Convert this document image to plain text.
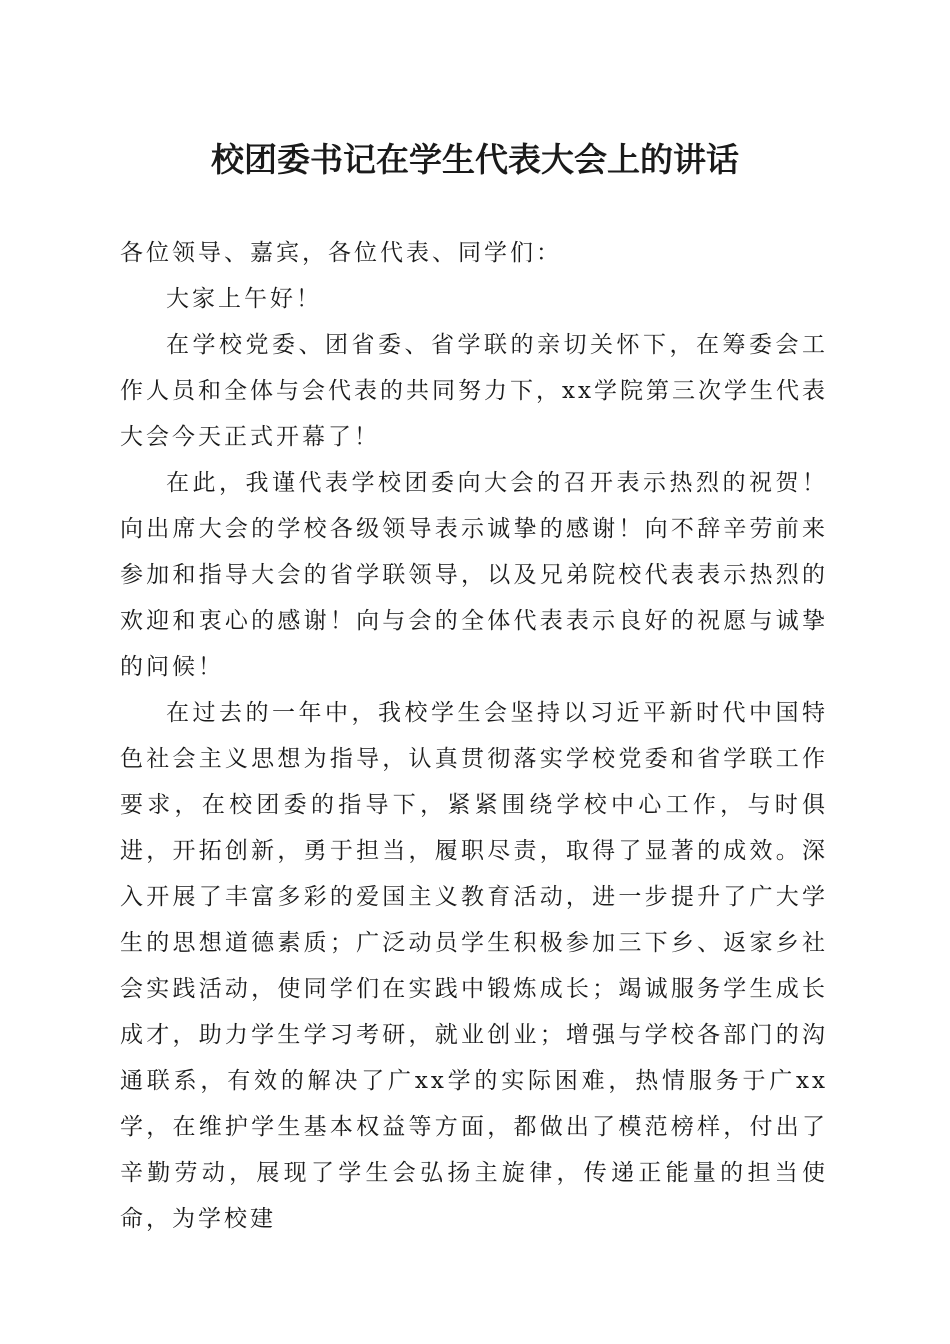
校团委书记在学生代表大会上的讲话

各位领导、嘉宾，各位代表、同学们：

大家上午好！

在学校党委、团省委、省学联的亲切关怀下，在筹委会工作人员和全体与会代表的共同努力下，xx学院第三次学生代表大会今天正式开幕了！

在此，我谨代表学校团委向大会的召开表示热烈的祝贺！向出席大会的学校各级领导表示诚挚的感谢！向不辞辛劳前来参加和指导大会的省学联领导，以及兄弟院校代表表示热烈的欢迎和衷心的感谢！向与会的全体代表表示良好的祝愿与诚挚的问候！

在过去的一年中，我校学生会坚持以习近平新时代中国特色社会主义思想为指导，认真贯彻落实学校党委和省学联工作要求，在校团委的指导下，紧紧围绕学校中心工作，与时俱进，开拓创新，勇于担当，履职尽责，取得了显著的成效。深入开展了丰富多彩的爱国主义教育活动，进一步提升了广大学生的思想道德素质；广泛动员学生积极参加三下乡、返家乡社会实践活动，使同学们在实践中锻炼成长；竭诚服务学生成长成才，助力学生学习考研，就业创业；增强与学校各部门的沟通联系，有效的解决了广xx学的实际困难，热情服务于广xx学，在维护学生基本权益等方面，都做出了模范榜样，付出了辛勤劳动，展现了学生会弘扬主旋律，传递正能量的担当使命，为学校建
